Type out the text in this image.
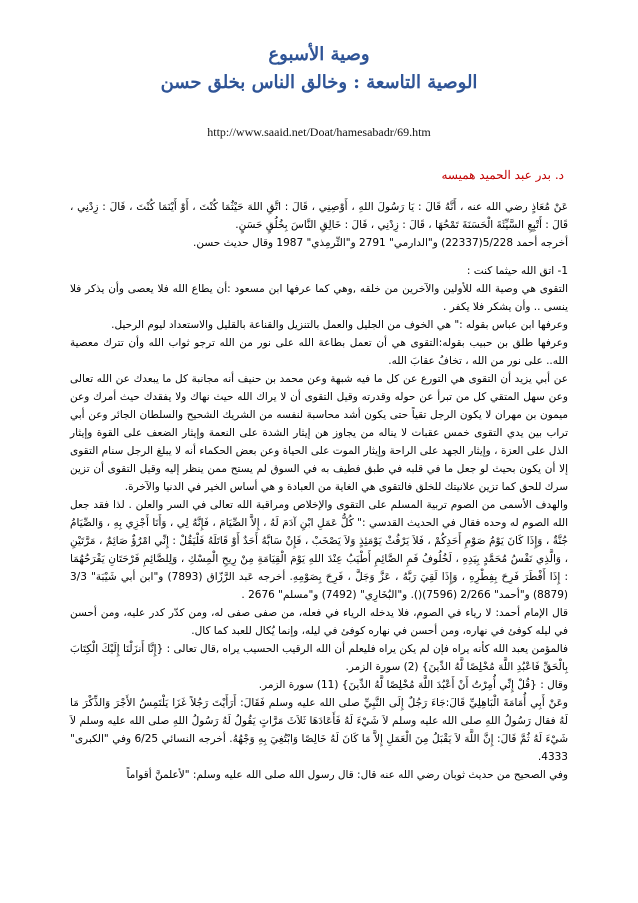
وصية الأسبوع
الوصية التاسعة : وخالق الناس بخلق حسن
http://www.saaid.net/Doat/hamesabadr/69.htm
د. بدر عبد الحميد هميسه

عَنْ مُعَاذٍ رضي الله عنه ، أَنَّهُ قَالَ : يَا رَسُولَ اللهِ ، أَوْصِنِي ، قَالَ : اتَّقِ اللهَ حَيْثُمَا كُنْتَ ، أَوْ أَيْنَمَا كُنْتَ ، قَالَ : زِدْنِي ، قَالَ : أَتْبِعِ السَّيِّئَةَ الْحَسَنَةَ تَمْحُهَا ، قَالَ : زِدْنِي ، قَالَ : خَالِقِ النَّاسَ بِخُلُقٍ حَسَنٍ.

أخرجه أحمد 5/228(22337) و"الدارمي" 2791 و"التِّرمِذي" 1987 وقال حديث حسن.

1- اتق الله حيثما كنت :

التقوى هي وصية الله للأولين والآخرين من خلقه ,وهي كما عرفها ابن مسعود :أن يطاع الله فلا يعصى وأن يذكر فلا ينسى .. وأن يشكر فلا يكفر .

وعرفها ابن عباس بقوله :" هي الخوف من الجليل والعمل بالتنزيل والقناعة بالقليل والاستعداد ليوم الرحيل.

وعرفها طلق بن حبيب بقوله:التقوى هي أن تعمل بطاعة الله على نور من الله ترجو ثواب الله وأن تترك معصية الله.. على نور من الله ، تخافُ عقابَ الله.

عن أبي يزيد أن التقوى هي التورع عن كل ما فيه شبهة وعن محمد بن حنيف أنه مجانبة كل ما يبعدك عن الله تعالى وعن سهل المتقي كل من تبرأ عن حوله وقدرته وقيل التقوى أن لا يراك الله حيث نهاك ولا يفقدك حيث أمرك وعن ميمون بن مهران لا يكون الرجل تقياً حتى يكون أشد محاسبة لنفسه من الشريك الشحيح والسلطان الجائر وعن أبي تراب بين يدي التقوى خمس عقبات لا يناله من يجاوز هن إيثار الشدة على النعمة وإيثار الضعف على القوة وإيثار الذل على العزة ، وإيثار الجهد على الراحة وإيثار الموت على الحياة وعن بعض الحكماء أنه لا يبلغ الرجل سنام التقوى إلا أن يكون بحيث لو جعل ما في قلبه في طبق فطيف به في السوق لم يستح ممن ينظر إليه وقيل التقوى أن تزين سرك للحق كما تزين علانيتك للخلق فالتقوى هي الغاية من العبادة و هي أساس الخير في الدنيا والآخرة.

والهدف الأسمى من الصوم تربية المسلم على التقوى والإخلاص ومراقبة الله تعالى في السر والعلن . لذا فقد جعل الله الصوم له وحده فقال في الحديث القدسي :" كُلُّ عَمَلِ ابْنِ آدَمَ لَهُ ، إِلاَّ الصِّيَامَ ، فَإِنَّهُ لِي ، وَأَنَا أَجْزِي بِهِ ، وَالصِّيَامُ جُنَّةٌ ، وَإِذَا كَانَ يَوْمُ صَوْمِ أَحَدِكُمْ ، فَلاَ يَرْفُثْ يَوْمَئِذٍ وَلاَ يَصْخَبْ ، فَإِنْ سَابَّهُ أَحَدٌ أَوْ قَاتَلَهُ فَلْيَقُلْ : إِنِّي امْرُؤٌ صَائِمٌ ، مَرَّتَيْنِ ، وَالَّذِي نَفْسُ مُحَمَّدٍ بِيَدِهِ ، لَخُلُوفُ فَمِ الصَّائِمِ أَطْيَبُ عِنْدَ اللهِ يَوْمَ الْقِيَامَةِ مِنْ رِيحِ الْمِسْكِ ، وَلِلصَّائِمِ فَرْحَتَانِ يَفْرَحُهُمَا : إِذَا أَفْطَرَ فَرِحَ بِفِطْرِهِ ، وَإِذَا لَقِيَ رَبَّهُ ، عَزَّ وَجَلَّ ، فَرِحَ بِصَوْمِهِ. أخرجه عَبد الرَّزّاق (7893) و"ابن أبي شَيْبَة" 3/3 (8879) و"أحمد" 2/266 (7596)(). و"البُخَارِي" (7492) و"مسلم" 2676 .

قال الإمام أحمد: لا رياء في الصوم، فلا يدخله الرياء في فعله، من صفى صفى له، ومن كدّر كدر عليه، ومن أحسن في ليله كوفئ في نهاره، ومن أحسن في نهاره كوفئ في ليله، وإنما يُكال للعبد كما كال.

فالمؤمن يعبد الله كأنه يراه فإن لم يكن يراه فليعلم أن الله الرقيب الحسيب يراه ,قال تعالى : {إِنَّا أَنزَلْنَا إِلَيْكَ الْكِتَابَ بِالْحَقِّ فَاعْبُدِ اللَّهَ مُخْلِصًا لَّهُ الدِّينَ} (2) سورة الزمر.

وقال : {قُلْ إِنِّي أُمِرْتُ أَنْ أَعْبُدَ اللَّهَ مُخْلِصًا لَّهُ الدِّينَ} (11) سورة الزمر.

وعَنْ أَبِي أُمَامَةَ الْبَاهِلِيِّ قَالَ:جَاءَ رَجُلٌ إِلَى النَّبِيِّ صلى الله عليه وسلم فَقَالَ: أَرَأَيْتَ رَجُلاً غَزَا يَلْتَمِسُ الأَجْرَ وَالذِّكْرَ مَا لَهُ فقال رَسُولُ اللهِ صلى الله عليه وسلم لاَ شَيْءَ لَهُ فَأَعَادَهَا ثَلاَثَ مَرَّاتٍ يَقُولُ لَهُ رَسُولُ اللهِ صلى الله عليه وسلم لاَ شَيْءَ لَهُ ثُمَّ قَالَ: إِنَّ اللَّهَ لاَ يَقْبَلُ مِنَ الْعَمَلِ إِلاَّ مَا كَانَ لَهُ خَالِصًا وَابْتُغِيَ بِهِ وَجْهُهُ. أخرجه النسائي 6/25 وفي "الكبرى" 4333.

وفي الصحيح من حديث ثوبان رضي الله عنه قال: قال رسول الله صلى الله عليه وسلم: "لأعلمنَّ أقواماً
